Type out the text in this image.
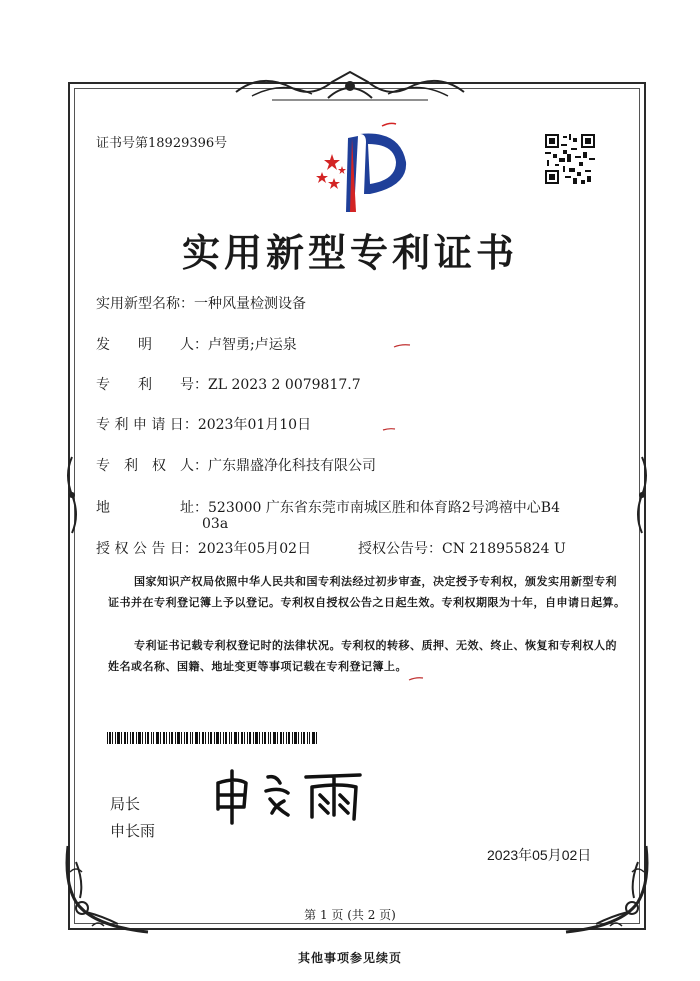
证书号第18929396号
实用新型专利证书
实用新型名称：一种风量检测设备
发　　明　　人：卢智勇;卢运泉
专　　利　　号：ZL 2023 2 0079817.7
专 利 申 请 日：2023年01月10日
专　利　权　人：广东鼎盛净化科技有限公司
地　　　　　址：523000 广东省东莞市南城区胜和体育路2号鸿禧中心B4
03a
授 权 公 告 日：2023年05月02日	授权公告号：CN 218955824 U
国家知识产权局依照中华人民共和国专利法经过初步审查，决定授予专利权，颁发实用新型专利证书并在专利登记簿上予以登记。专利权自授权公告之日起生效。专利权期限为十年，自申请日起算。
专利证书记载专利权登记时的法律状况。专利权的转移、质押、无效、终止、恢复和专利权人的姓名或名称、国籍、地址变更等事项记载在专利登记簿上。
局长
申长雨
2023年05月02日
第 1 页 (共 2 页)
其他事项参见续页
